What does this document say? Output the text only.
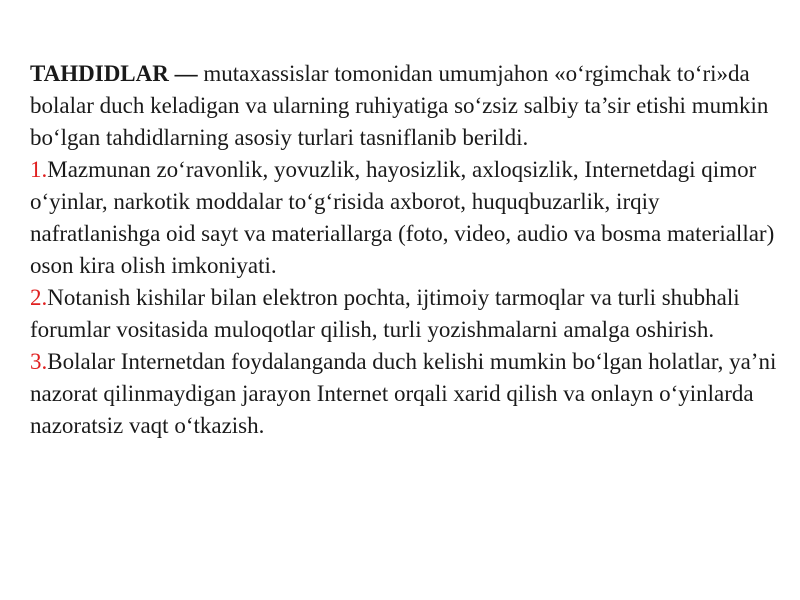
TAHDIDLAR — mutaxassislar tomonidan umumjahon «o‘rgimchak to‘ri»da bolalar duch keladigan va ularning ruhiyatiga so‘zsiz salbiy ta’sir etishi mumkin bo‘lgan tahdidlarning asosiy turlari tasniflanib berildi.

1.Mazmunan zo‘ravonlik, yovuzlik, hayosizlik, axloqsizlik, Internetdagi qimor o‘yinlar, narkotik moddalar to‘g‘risida axborot, huquqbuzarlik, irqiy nafratlanishga oid sayt va materiallarga (foto, video, audio va bosma materiallar) oson kira olish imkoniyati.

2.Notanish kishilar bilan elektron pochta, ijtimoiy tarmoqlar va turli shubhali forumlar vositasida muloqotlar qilish, turli yozishmalarni amalga oshirish.

3.Bolalar Internetdan foydalanganda duch kelishi mumkin bo‘lgan holatlar, ya’ni nazorat qilinmaydigan jarayon Internet orqali xarid qilish va onlayn o‘yinlarda nazoratsiz vaqt o‘tkazish.
